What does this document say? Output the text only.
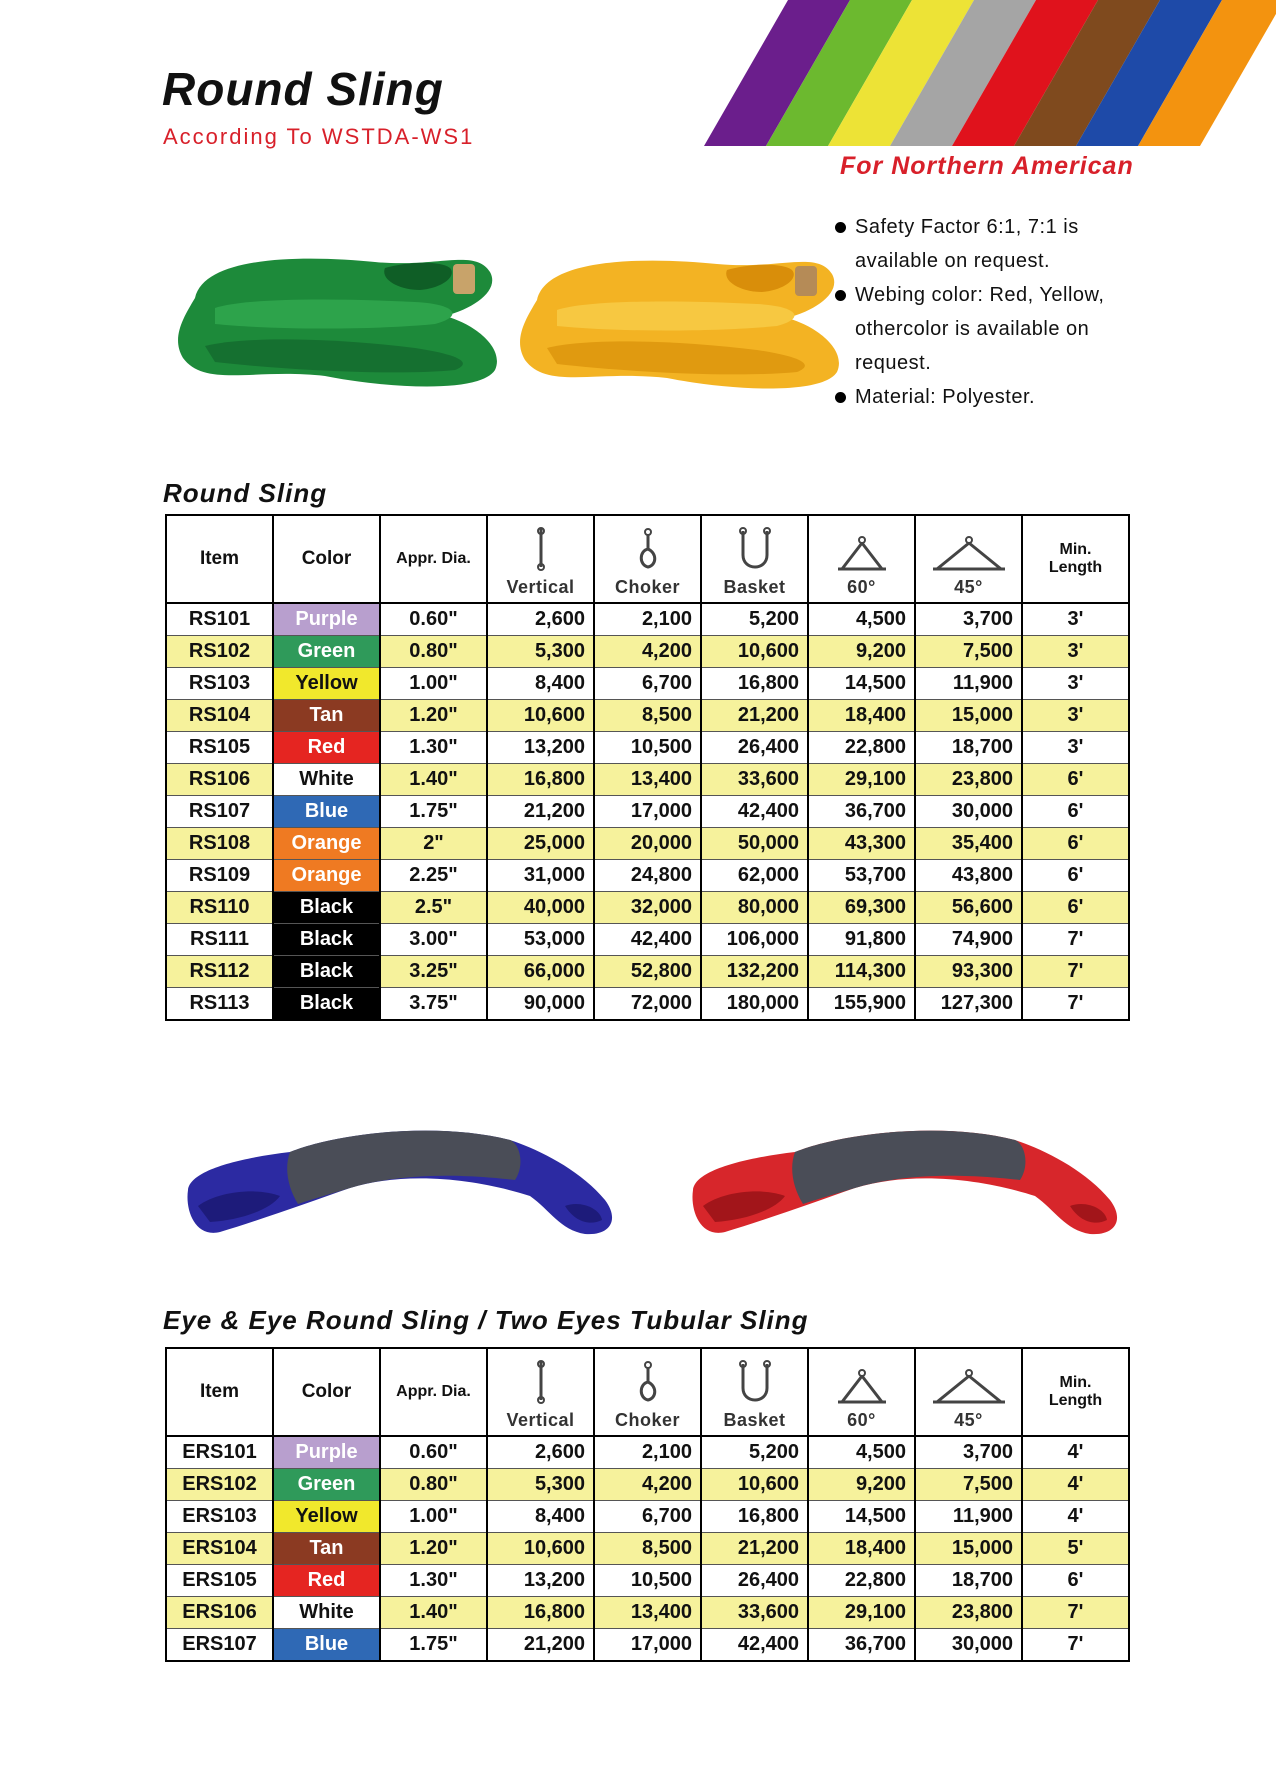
Round Sling
According To WSTDA-WS1
For Northern American
Safety Factor 6:1, 7:1 is available on request.
Webing color: Red, Yellow, othercolor is available on request.
Material: Polyester.
Round Sling
Item	Color	Appr. Dia.	Vertical	Choker	Basket	60°	45°	Min.
Length
RS101	Purple	0.60"	2,600	2,100	5,200	4,500	3,700	3'
RS102	Green	0.80"	5,300	4,200	10,600	9,200	7,500	3'
RS103	Yellow	1.00"	8,400	6,700	16,800	14,500	11,900	3'
RS104	Tan	1.20"	10,600	8,500	21,200	18,400	15,000	3'
RS105	Red	1.30"	13,200	10,500	26,400	22,800	18,700	3'
RS106	White	1.40"	16,800	13,400	33,600	29,100	23,800	6'
RS107	Blue	1.75"	21,200	17,000	42,400	36,700	30,000	6'
RS108	Orange	2"	25,000	20,000	50,000	43,300	35,400	6'
RS109	Orange	2.25"	31,000	24,800	62,000	53,700	43,800	6'
RS110	Black	2.5"	40,000	32,000	80,000	69,300	56,600	6'
RS111	Black	3.00"	53,000	42,400	106,000	91,800	74,900	7'
RS112	Black	3.25"	66,000	52,800	132,200	114,300	93,300	7'
RS113	Black	3.75"	90,000	72,000	180,000	155,900	127,300	7'
Eye & Eye Round Sling / Two Eyes Tubular Sling
Item	Color	Appr. Dia.	Vertical	Choker	Basket	60°	45°	Min.
Length
ERS101	Purple	0.60"	2,600	2,100	5,200	4,500	3,700	4'
ERS102	Green	0.80"	5,300	4,200	10,600	9,200	7,500	4'
ERS103	Yellow	1.00"	8,400	6,700	16,800	14,500	11,900	4'
ERS104	Tan	1.20"	10,600	8,500	21,200	18,400	15,000	5'
ERS105	Red	1.30"	13,200	10,500	26,400	22,800	18,700	6'
ERS106	White	1.40"	16,800	13,400	33,600	29,100	23,800	7'
ERS107	Blue	1.75"	21,200	17,000	42,400	36,700	30,000	7'
